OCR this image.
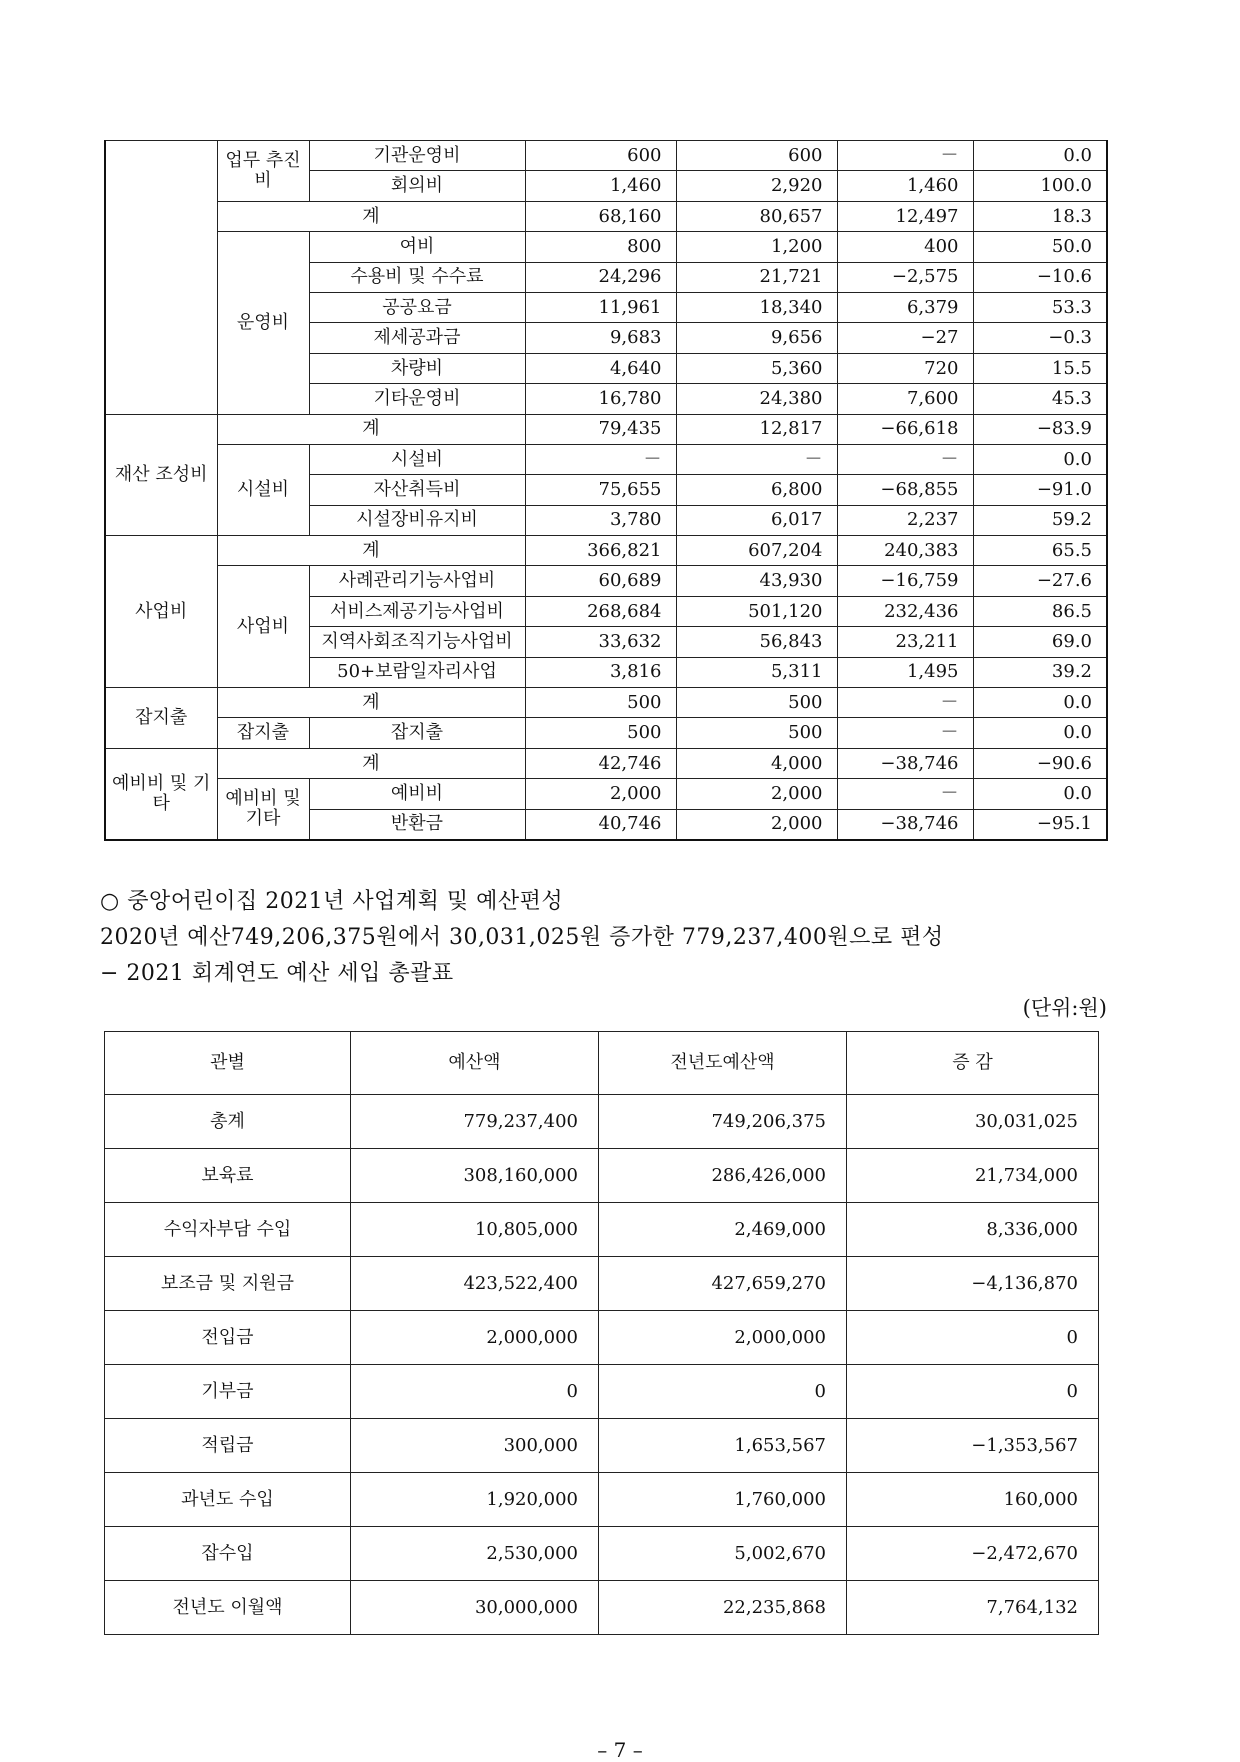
	업무 추진비	기관운영비	600	600	－	0.0
		회의비	1,460	2,920	1,460	100.0
	계		68,160	80,657	12,497	18.3
	운영비	여비	800	1,200	400	50.0
		수용비 및 수수료	24,296	21,721	−2,575	−10.6
		공공요금	11,961	18,340	6,379	53.3
		제세공과금	9,683	9,656	−27	−0.3
		차량비	4,640	5,360	720	15.5
		기타운영비	16,780	24,380	7,600	45.3
재산 조성비	계		79,435	12,817	−66,618	−83.9
	시설비	시설비	－	－	－	0.0
		자산취득비	75,655	6,800	−68,855	−91.0
		시설장비유지비	3,780	6,017	2,237	59.2
사업비	계		366,821	607,204	240,383	65.5
	사업비	사례관리기능사업비	60,689	43,930	−16,759	−27.6
		서비스제공기능사업비	268,684	501,120	232,436	86.5
		지역사회조직기능사업비	33,632	56,843	23,211	69.0
		50+보람일자리사업	3,816	5,311	1,495	39.2
잡지출	계		500	500	－	0.0
	잡지출	잡지출	500	500	－	0.0
예비비 및 기타	계		42,746	4,000	−38,746	−90.6
	예비비 및 기타	예비비	2,000	2,000	－	0.0
		반환금	40,746	2,000	−38,746	−95.1
○ 중앙어린이집 2021년 사업계획 및 예산편성
2020년 예산749,206,375원에서 30,031,025원 증가한 779,237,400원으로 편성
− 2021 회계연도 예산 세입 총괄표
(단위:원)
관별	예산액	전년도예산액	증 감
총계	779,237,400	749,206,375	30,031,025
보육료	308,160,000	286,426,000	21,734,000
수익자부담 수입	10,805,000	2,469,000	8,336,000
보조금 및 지원금	423,522,400	427,659,270	−4,136,870
전입금	2,000,000	2,000,000	0
기부금	0	0	0
적립금	300,000	1,653,567	−1,353,567
과년도 수입	1,920,000	1,760,000	160,000
잡수입	2,530,000	5,002,670	−2,472,670
전년도 이월액	30,000,000	22,235,868	7,764,132
– 7 –
